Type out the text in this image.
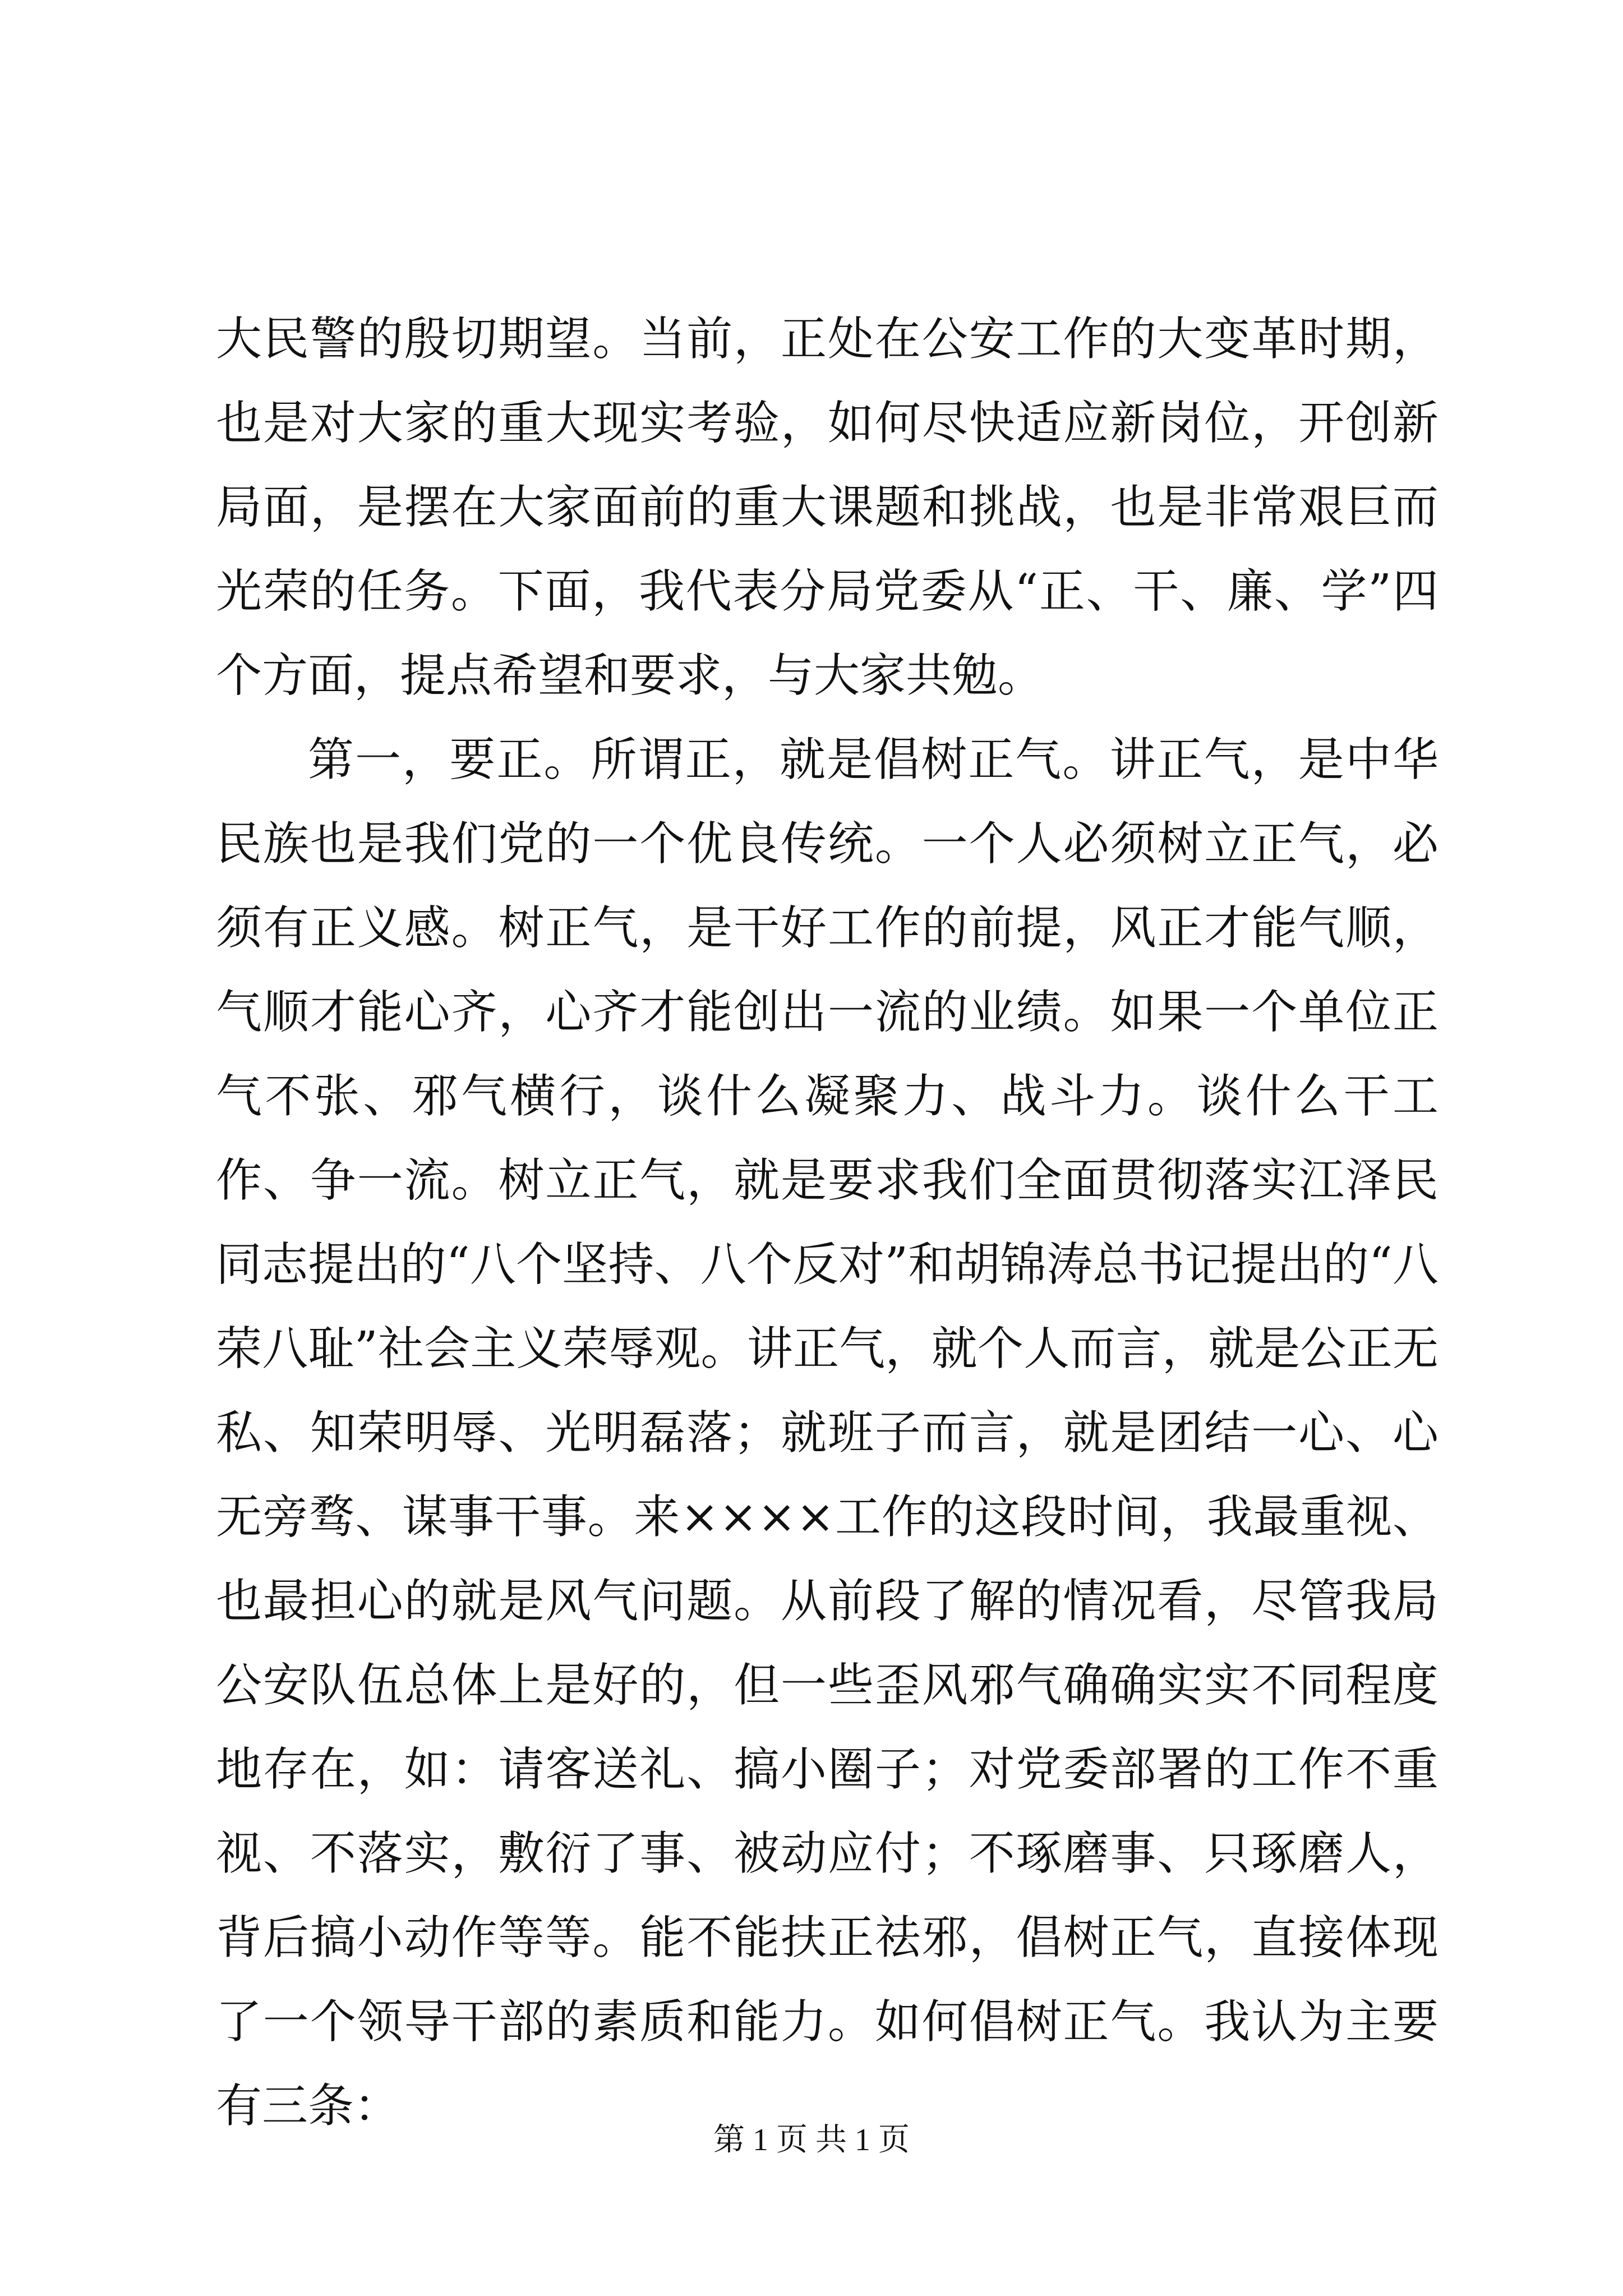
大民警的殷切期望。当前，正处在公安工作的大变革时期，也是对大家的重大现实考验，如何尽快适应新岗位，开创新局面，是摆在大家面前的重大课题和挑战，也是非常艰巨而光荣的任务。下面，我代表分局党委从“正、干、廉、学”四个方面，提点希望和要求，与大家共勉。

第一，要正。所谓正，就是倡树正气。讲正气，是中华民族也是我们党的一个优良传统。一个人必须树立正气，必须有正义感。树正气，是干好工作的前提，风正才能气顺，气顺才能心齐，心齐才能创出一流的业绩。如果一个单位正气不张、邪气横行，谈什么凝聚力、战斗力。谈什么干工作、争一流。树立正气，就是要求我们全面贯彻落实江泽民同志提出的“八个坚持、八个反对”和胡锦涛总书记提出的“八荣八耻”社会主义荣辱观。讲正气，就个人而言，就是公正无私、知荣明辱、光明磊落；就班子而言，就是团结一心、心无旁骛、谋事干事。来××××工作的这段时间，我最重视、也最担心的就是风气问题。从前段了解的情况看，尽管我局公安队伍总体上是好的，但一些歪风邪气确确实实不同程度地存在，如：请客送礼、搞小圈子；对党委部署的工作不重视、不落实，敷衍了事、被动应付；不琢磨事、只琢磨人，背后搞小动作等等。能不能扶正祛邪，倡树正气，直接体现了一个领导干部的素质和能力。如何倡树正气。我认为主要有三条：

第 1 页 共 1 页
